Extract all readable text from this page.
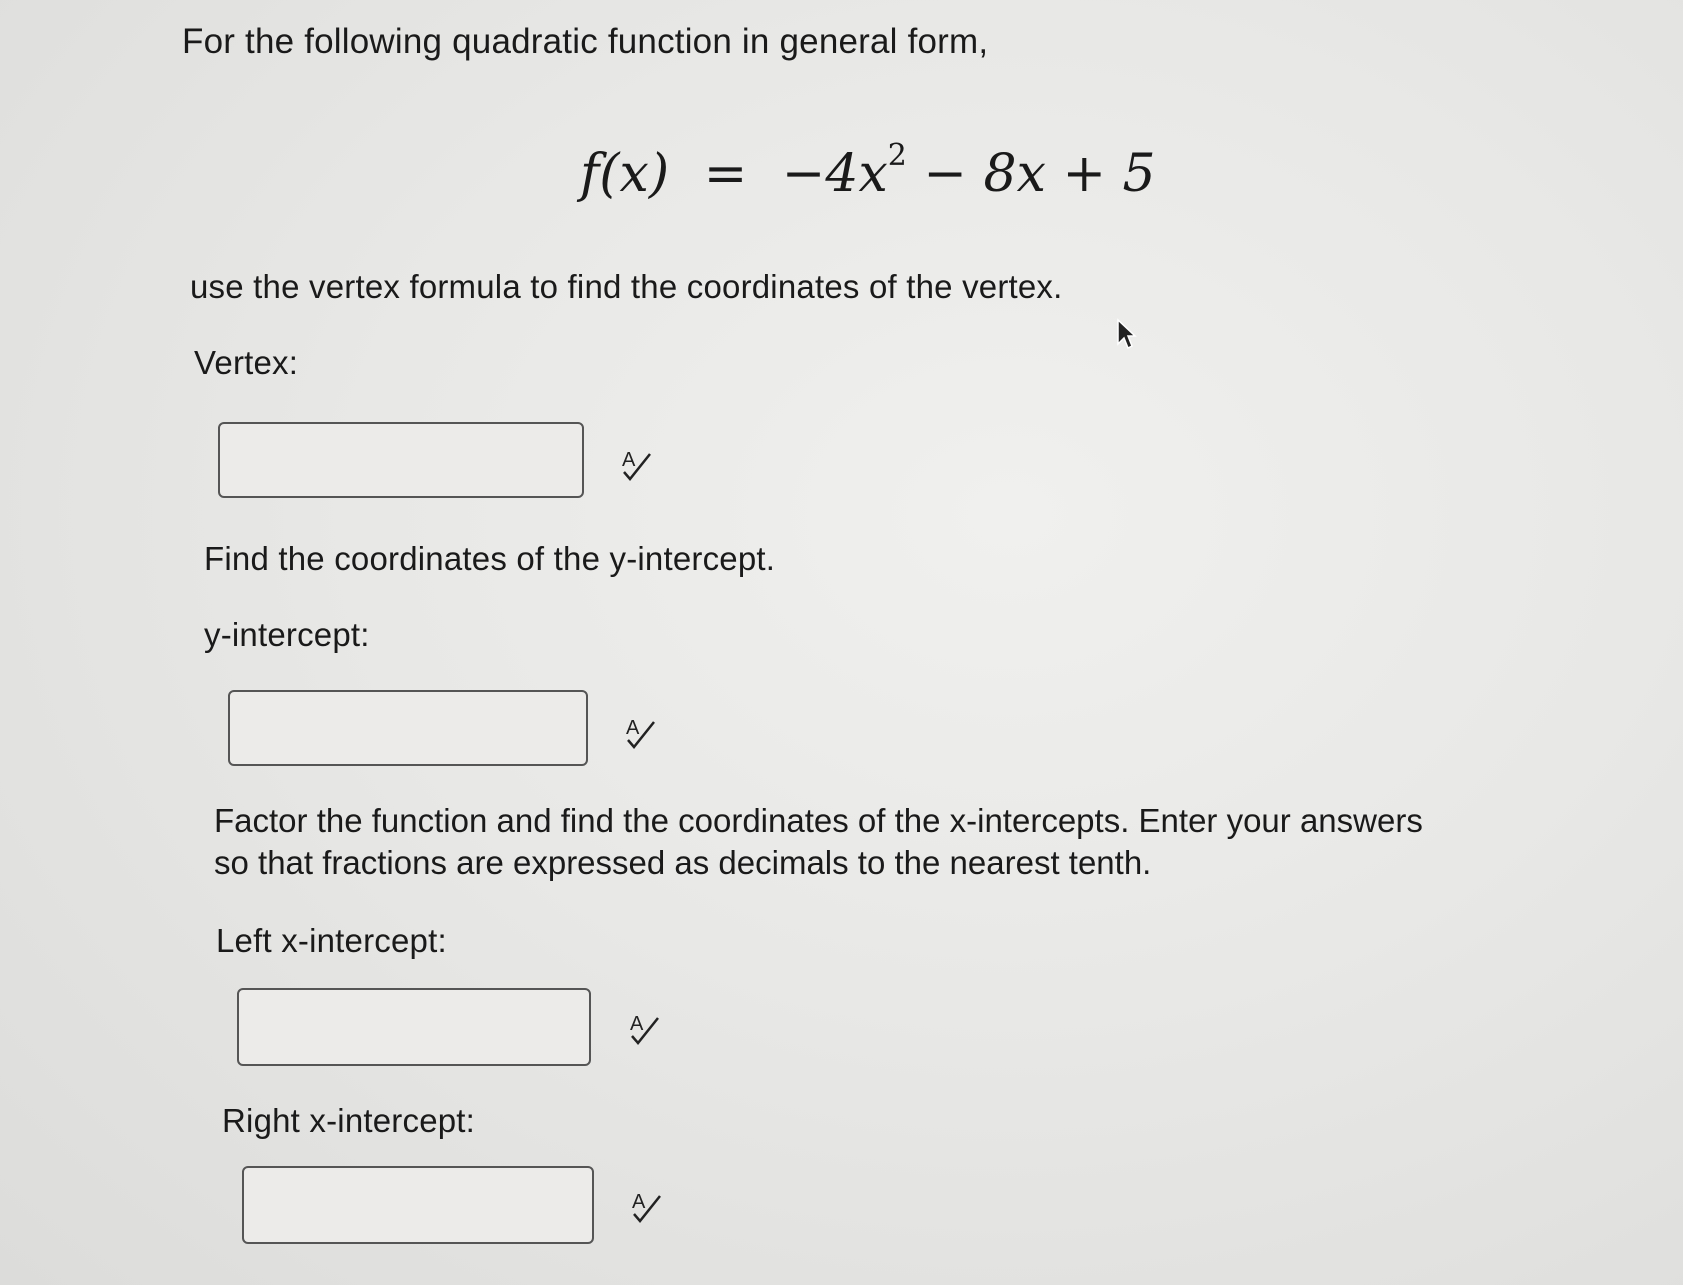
For the following quadratic function in general form,
$f(x) = -4x^2 - 8x + 5$
use the vertex formula to find the coordinates of the vertex.
Vertex:
A
Find the coordinates of the y-intercept.
y-intercept:
A
Factor the function and find the coordinates of the x-intercepts. Enter your answers
so that fractions are expressed as decimals to the nearest tenth.
Left x-intercept:
A
Right x-intercept:
A
